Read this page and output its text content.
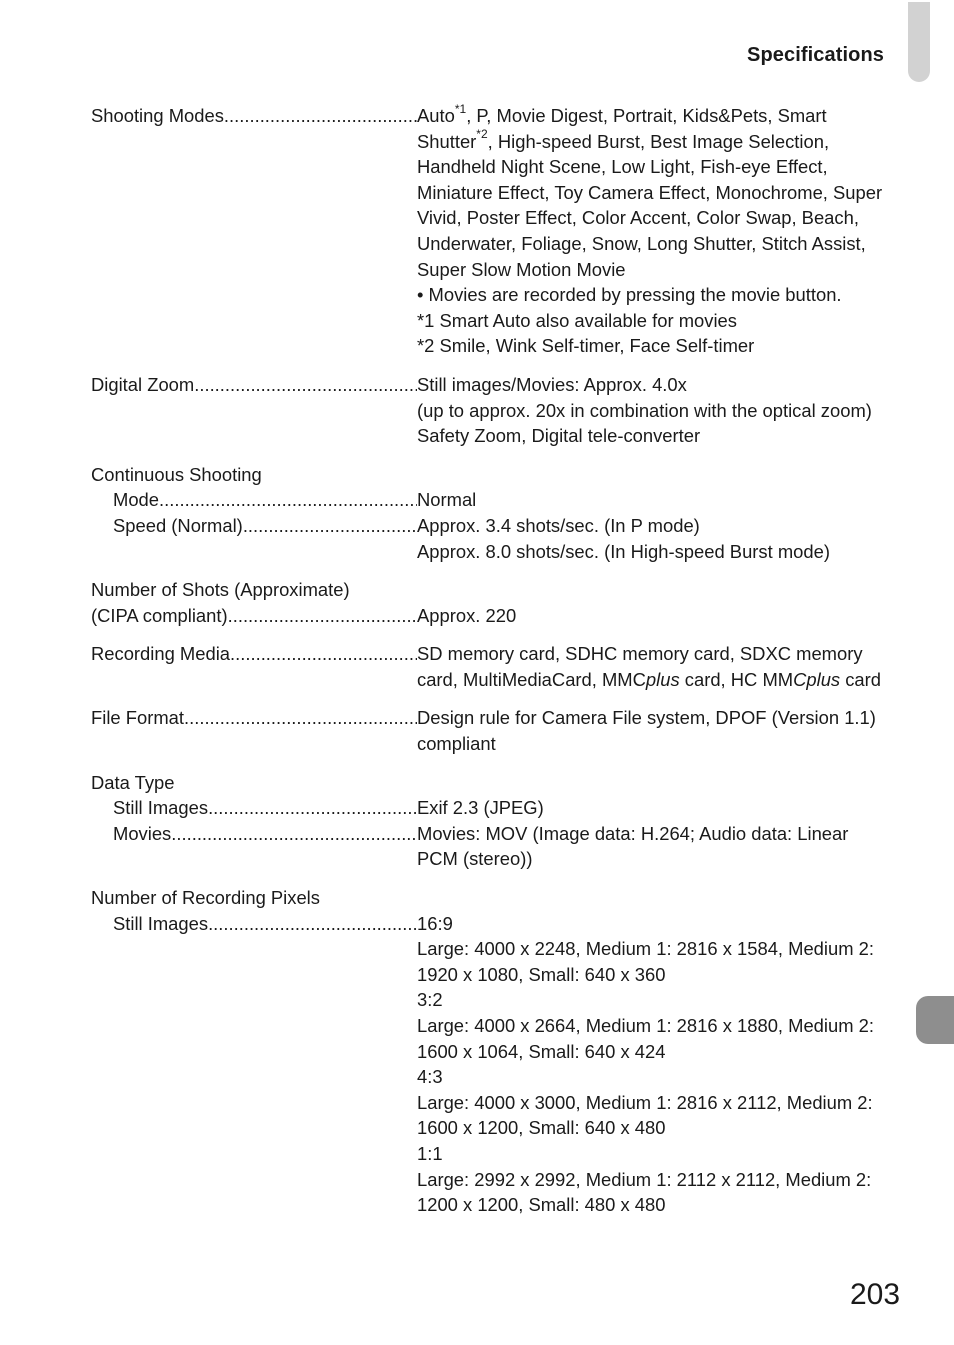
Specifications
Shooting Modes .....	Auto$^{*1}$, P, Movie Digest, Portrait, Kids&Pets, Smart
Shutter$^{*2}$, High-speed Burst, Best Image Selection,
Handheld Night Scene, Low Light, Fish-eye Effect,
Miniature Effect, Toy Camera Effect, Monochrome, Super
Vivid, Poster Effect, Color Accent, Color Swap, Beach,
Underwater, Foliage, Snow, Long Shutter, Stitch Assist,
Super Slow Motion Movie
• Movies are recorded by pressing the movie button.
*1 Smart Auto also available for movies
*2 Smile, Wink Self-timer, Face Self-timer
Digital Zoom .....	Still images/Movies: Approx. 4.0x
(up to approx. 20x in combination with the optical zoom)
Safety Zoom, Digital tele-converter
Continuous Shooting
Mode .....	Normal
Speed (Normal) .....	Approx. 3.4 shots/sec. (In P mode)
Approx. 8.0 shots/sec. (In High-speed Burst mode)
Number of Shots (Approximate)
(CIPA compliant) .....	Approx. 220
Recording Media .....	SD memory card, SDHC memory card, SDXC memory
card, MultiMediaCard, MMCplus card, HC MMCplus card
File Format .....	Design rule for Camera File system, DPOF (Version 1.1)
compliant
Data Type
Still Images .....	Exif 2.3 (JPEG)
Movies .....	Movies: MOV (Image data: H.264; Audio data: Linear
PCM (stereo))
Number of Recording Pixels
Still Images .....	16:9
Large: 4000 x 2248, Medium 1: 2816 x 1584, Medium 2:
1920 x 1080, Small: 640 x 360
3:2
Large: 4000 x 2664, Medium 1: 2816 x 1880, Medium 2:
1600 x 1064, Small: 640 x 424
4:3
Large: 4000 x 3000, Medium 1: 2816 x 2112, Medium 2:
1600 x 1200, Small: 640 x 480
1:1
Large: 2992 x 2992, Medium 1: 2112 x 2112, Medium 2:
1200 x 1200, Small: 480 x 480
203
